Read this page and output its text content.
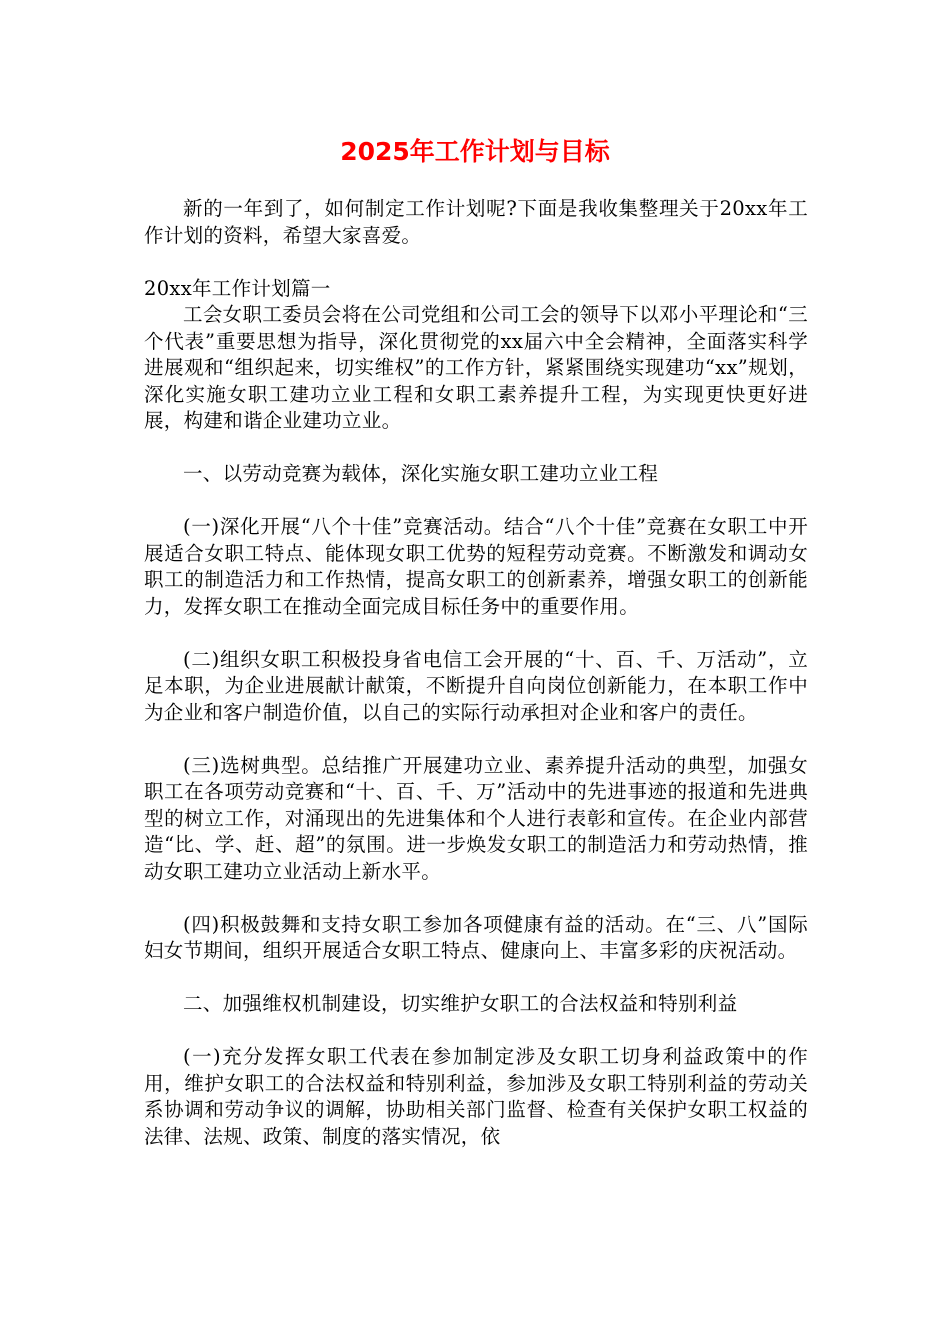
2025年工作计划与目标

新的一年到了，如何制定工作计划呢?下面是我收集整理关于20xx年工作计划的资料，希望大家喜爱。

20xx年工作计划篇一

工会女职工委员会将在公司党组和公司工会的领导下以邓小平理论和“三个代表”重要思想为指导，深化贯彻党的xx届六中全会精神，全面落实科学进展观和“组织起来，切实维权”的工作方针，紧紧围绕实现建功“xx”规划，深化实施女职工建功立业工程和女职工素养提升工程，为实现更快更好进展，构建和谐企业建功立业。

一、以劳动竞赛为载体，深化实施女职工建功立业工程

(一)深化开展“八个十佳”竞赛活动。结合“八个十佳”竞赛在女职工中开展适合女职工特点、能体现女职工优势的短程劳动竞赛。不断激发和调动女职工的制造活力和工作热情，提高女职工的创新素养，增强女职工的创新能力，发挥女职工在推动全面完成目标任务中的重要作用。

(二)组织女职工积极投身省电信工会开展的“十、百、千、万活动”，立足本职，为企业进展献计献策，不断提升自向岗位创新能力，在本职工作中为企业和客户制造价值，以自己的实际行动承担对企业和客户的责任。

(三)选树典型。总结推广开展建功立业、素养提升活动的典型，加强女职工在各项劳动竞赛和“十、百、千、万”活动中的先进事迹的报道和先进典型的树立工作，对涌现出的先进集体和个人进行表彰和宣传。在企业内部营造“比、学、赶、超”的氛围。进一步焕发女职工的制造活力和劳动热情，推动女职工建功立业活动上新水平。

(四)积极鼓舞和支持女职工参加各项健康有益的活动。在“三、八”国际妇女节期间，组织开展适合女职工特点、健康向上、丰富多彩的庆祝活动。

二、加强维权机制建设，切实维护女职工的合法权益和特别利益

(一)充分发挥女职工代表在参加制定涉及女职工切身利益政策中的作用，维护女职工的合法权益和特别利益，参加涉及女职工特别利益的劳动关系协调和劳动争议的调解，协助相关部门监督、检查有关保护女职工权益的法律、法规、政策、制度的落实情况，依
